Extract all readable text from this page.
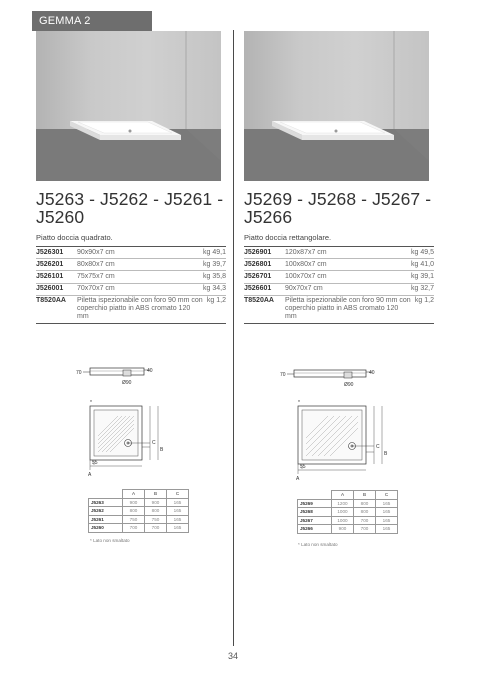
GEMMA 2
J5263 - J5262 - J5261 - J5260
Piatto doccia quadrato.
J526301	90x90x7 cm	kg 49,1
J526201	80x80x7 cm	kg 39,7
J526101	75x75x7 cm	kg 35,8
J526001	70x70x7 cm	kg 34,3
T8520AA	Piletta ispezionabile con foro 90 mm con coperchio piatto in ABS cromato 120 mm	kg 1,2
70	40
Ø90
*
C
B
55
A
	A	B	C
J5263	900	900	165
J5262	800	800	165
J5261	750	750	165
J5260	700	700	165
* Lato non smaltato
J5269 - J5268 - J5267 - J5266
Piatto doccia rettangolare.
J526901	120x87x7 cm	kg 49,5
J526801	100x80x7 cm	kg 41,0
J526701	100x70x7 cm	kg 39,1
J526601	90x70x7 cm	kg 32,7
T8520AA	Piletta ispezionabile con foro 90 mm con coperchio piatto in ABS cromato 120 mm	kg 1,2
70	40
Ø90
*
C
B
55
A
	A	B	C
J5269	1200	800	165
J5268	1000	800	165
J5267	1000	700	165
J5266	900	700	165
* Lato non smaltato
34
